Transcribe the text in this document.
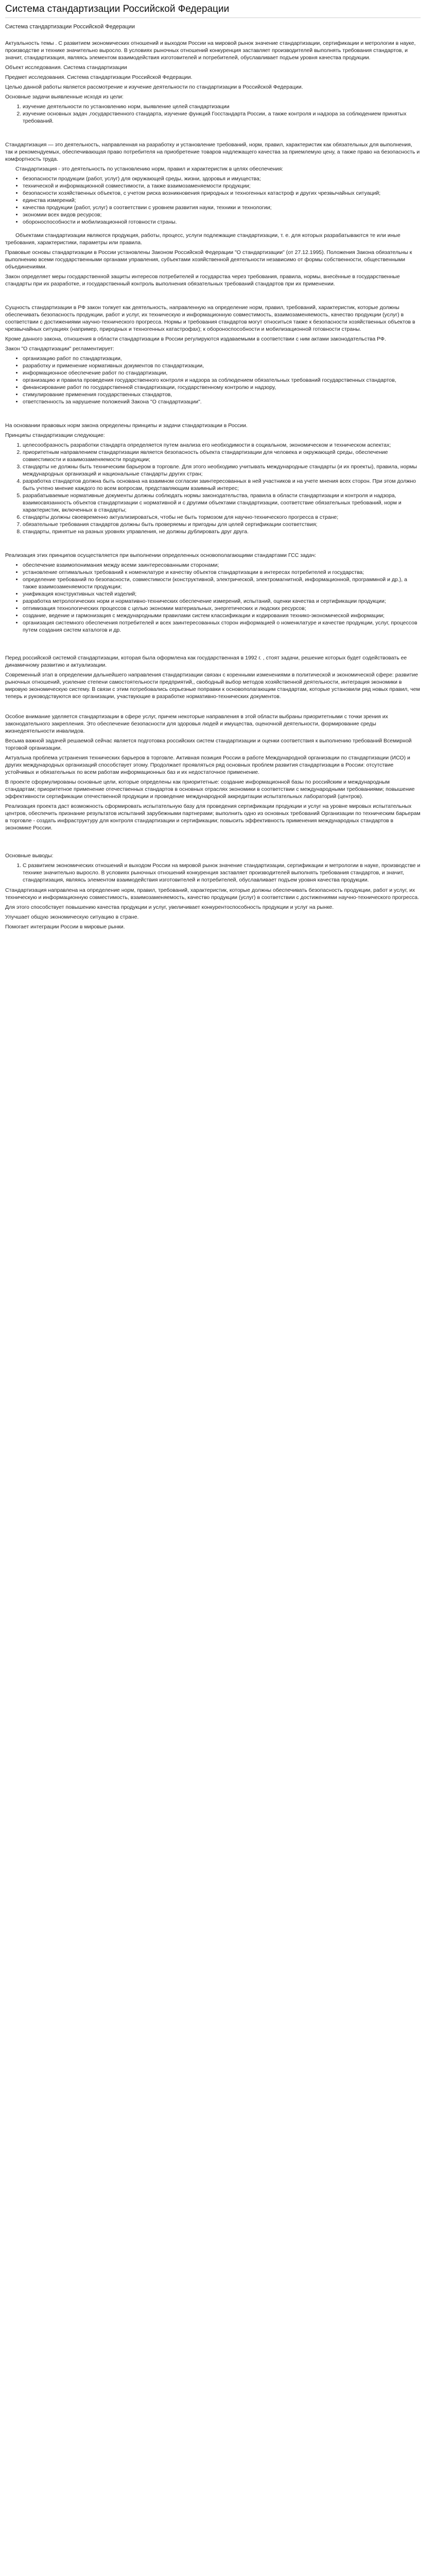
Система стандартизации Российской Федерации
Система стандартизации Российской Федерации

Актуальность темы . С развитием экономических отношений и выходом России на мировой рынок значение стандартизации, сертификации и метрологии в науке, производстве и технике значительно выросло. В условиях рыночных отношений конкуренция заставляет производителей выполнять требования стандартов, и значит, стандартизация, являясь элементом взаимодействия изготовителей и потребителей, обуславливает подъем уровня качества продукции.

Объект исследования. Система стандартизации

Предмет исследования. Система стандартизации Российской Федерации.

Целью данной работы является рассмотрение и изучение деятельности по стандартизации в Российской Федерации.

Основные задачи выявленные исходя из цели:

1. изучение деятельности по установлению норм, выявление целей стандартизации
2. изучение основных задач ,государственного стандарта, изучение функций Госстандарта России, а также контроля и надзора за соблюдением принятых требований.

Стандартизация — это деятельность, направленная на разработку и установление требований, норм, правил, характеристик как обязательных для выполнения, так и рекомендуемых, обеспечивающая право потребителя на приобретение товаров надлежащего качества за приемлемую цену, а также право на безопасность и комфортность труда.

Стандартизация - это деятельность по установлению норм, правил и характеристик в целях обеспечения:

• безопасности продукции (работ, услуг) для окружающей среды, жизни, здоровья и имущества;
• технической и информационной совместимости, а также взаимозаменяемости продукции;
• безопасности хозяйственных объектов, с учетом риска возникновения природных и техногенных катастроф и других чрезвычайных ситуаций;
• единства измерений;
• качества продукции (работ, услуг) в соответствии с уровнем развития науки, техники и технологии;
• экономии всех видов ресурсов;
• обороноспособности и мобилизационной готовности страны.

Объектами стандартизации являются продукция, работы, процесс, услуги подлежащие стандартизации, т. е. для которых разрабатываются те или иные требования, характеристики, параметры или правила.

Правовые основы стандартизации в России установлены Законом Российской Федерации "О стандартизации" (от 27.12.1995). Положения Закона обязательны к выполнению всеми государственными органами управления, субъектами хозяйственной деятельности независимо от формы собственности, общественными объединениями.

Закон определяет меры государственной защиты интересов потребителей и государства через требования, правила, нормы, внесённые в государственные стандарты при их разработке, и государственный контроль выполнения обязательных требований стандартов при их применении.

Сущность стандартизации в РФ закон толкует как деятельность, направленную на определение норм, правил, требований, характеристик, которые должны обеспечивать безопасность продукции, работ и услуг, их техническую и информационную совместимость, взаимозаменяемость, качество продукции (услуг) в соответствии с достижениями научно-технического прогресса. Нормы и требования стандартов могут относиться также к безопасности хозяйственных объектов в чрезвычайных ситуациях (например, природных и техногенных катастрофах); к обороноспособности и мобилизационной готовности страны.

Кроме данного закона, отношения в области стандартизации в России регулируются издаваемыми в соответствии с ним актами законодательства РФ.

Закон "О стандартизации" регламентирует:

• организацию работ по стандартизации,
• разработку и применение нормативных документов по стандартизации,
• информационное обеспечение работ по стандартизации,
• организацию и правила проведения государственного контроля и надзора за соблюдением обязательных требований государственных стандартов,
• финансирование работ по государственной стандартизации, государственному контролю и надзору,
• стимулирование применения государственных стандартов,
• ответственность за нарушение положений Закона "О стандартизации".

На основании правовых норм закона определены принципы и задачи стандартизации в России.

Принципы стандартизации следующие:

1. целесообразность разработки стандарта определяется путем анализа его необходимости в социальном, экономическом и техническом аспектах;
2. приоритетным направлением стандартизации является безопасность объекта стандартизации для человека и окружающей среды, обеспечение совместимости и взаимозаменяемости продукции;
3. стандарты не должны быть техническим барьером в торговле. Для этого необходимо учитывать международные стандарты (и их проекты), правила, нормы международных организаций и национальные стандарты других стран;
4. разработка стандартов должна быть основана на взаимном согласии заинтересованных в ней участников и на учете мнения всех сторон. При этом должно быть учтено мнение каждого по всем вопросам, представляющим взаимный интерес;
5. разрабатываемые нормативные документы должны соблюдать нормы законодательства, правила в области стандартизации и контроля и надзора, взаимосвязанность объектов стандартизации с нормативной и с другими объектами стандартизации, соответствие обязательных требований, норм и характеристик, включенных в стандарты;
6. стандарты должны своевременно актуализироваться, чтобы не быть тормозом для научно-технического прогресса в стране;
7. обязательные требования стандартов должны быть проверяемы и пригодны для целей сертификации соответствия;
8. стандарты, принятые на разных уровнях управления, не должны дублировать друг друга.

Реализация этих принципов осуществляется при выполнении определенных основополагающими стандартами ГСС задач:

• обеспечение взаимопонимания между всеми заинтересованными сторонами;
• установление оптимальных требований к номенклатуре и качеству объектов стандартизации в интересах потребителей и государства;
• определение требований по безопасности, совместимости (конструктивной, электрической, электромагнитной, информационной, программной и др.), а также взаимозаменяемости продукции;
• унификация конструктивных частей изделий;
• разработка метрологических норм и нормативно-технических обеспечение измерений, испытаний, оценки качества и сертификации продукции;
• оптимизация технологических процессов с целью экономии материальных, энергетических и людских ресурсов;
• создание, ведение и гармонизация с международными правилами систем классификации и кодирования технико-экономической информации;
• организация системного обеспечения потребителей и всех заинтересованных сторон информацией о номенклатуре и качестве продукции, услуг, процессов путем создания систем каталогов и др.

Перед российской системой стандартизации, которая была оформлена как государственная в 1992 г. , стоят задачи, решение которых будет содействовать ее динамичному развитию и актуализации.

Современный этап в определении дальнейшего направления стандартизации связан с коренными изменениями в политической и экономической сфере: развитие рыночных отношений, усиление степени самостоятельности предприятий,, свободный выбор методов хозяйственной деятельности, интеграция экономики в мировую экономическую систему. В связи с этим потребовались серьезные поправки к основополагающим стандартам, которые установили ряд новых правил, чем теперь и руководствуются все организации, участвующие в разработке нормативно-технических документов.

Особое внимание уделяется стандартизации в сфере услуг, причем некоторые направления в этой области выбраны приоритетными с точки зрения их законодательного закрепления. Это обеспечение безопасности для здоровья людей и имущества, оценочной деятельности, формирование среды жизнедеятельности инвалидов.

Весьма важной задачей решаемой сейчас является подготовка российских систем стандартизации и оценки соответствия к выполнению требований Всемирной торговой организации.

Актуальна проблема устранения технических барьеров в торговле. Активная позиция России в работе Международной организации по стандартизации (ИСО) и других международных организаций способствует этому. Продолжает проявляться ряд основных проблем развития стандартизации в России: отсутствие устойчивых и обязательных по всем работам информационных баз и их недостаточное применение.

В проекте сформулированы основные цели, которые определены как приоритетные: создание информационной базы по российским и международным стандартам; приоритетное применение отечественных стандартов в основных отраслях экономики в соответствии с международными требованиями; повышение эффективности сертификации отечественной продукции и проведение международной аккредитации испытательных лабораторий (центров).

Реализация проекта даст возможность сформировать испытательную базу для проведения сертификации продукции и услуг на уровне мировых испытательных центров, обеспечить признание результатов испытаний зарубежными партнерами; выполнить одно из основных требований Организации по техническим барьерам в торговле - создать инфраструктуру для контроля стандартизации и сертификации; повысить эффективность применения международных стандартов в экономике России.

Основные выводы:

1. С развитием экономических отношений и выходом России на мировой рынок значение стандартизации, сертификации и метрологии в науке, производстве и технике значительно выросло. В условиях рыночных отношений конкуренция заставляет производителей выполнять требования стандартов, и значит, стандартизация, являясь элементом взаимодействия изготовителей и потребителей, обуславливает подъем уровня качества продукции.

Стандартизация направлена на определение норм, правил, требований, характеристик, которые должны обеспечивать безопасность продукции, работ и услуг, их техническую и информационную совместимость, взаимозаменяемость, качество продукции (услуг) в соответствии с достижениями научно-технического прогресса.

Для этого способствует повышению качества продукции и услуг, увеличивает конкурентоспособность продукции и услуг на рынке.

Улучшает общую экономическую ситуацию в стране.

Помогает интеграции России в мировые рынки.
